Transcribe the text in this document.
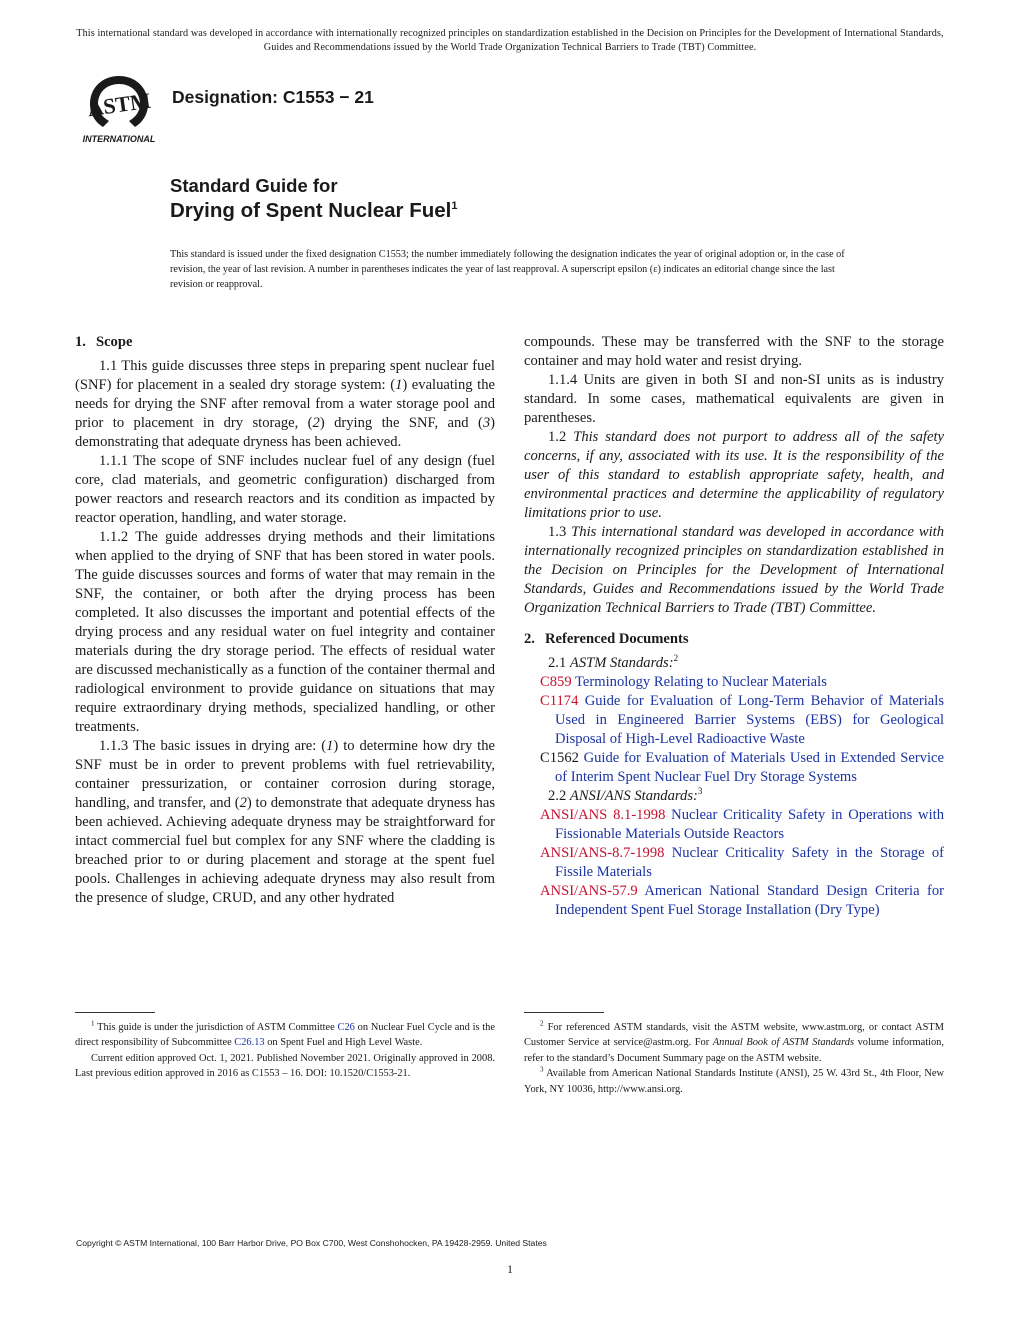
This international standard was developed in accordance with internationally recognized principles on standardization established in the Decision on Principles for the Development of International Standards, Guides and Recommendations issued by the World Trade Organization Technical Barriers to Trade (TBT) Committee.
ASTM
INTERNATIONAL
Designation: C1553 − 21
Standard Guide for
Drying of Spent Nuclear Fuel$^1$
This standard is issued under the fixed designation C1553; the number immediately following the designation indicates the year of original adoption or, in the case of revision, the year of last revision. A number in parentheses indicates the year of last reapproval. A superscript epsilon (ε) indicates an editorial change since the last revision or reapproval.
1. Scope

1.1 This guide discusses three steps in preparing spent nuclear fuel (SNF) for placement in a sealed dry storage system: (1) evaluating the needs for drying the SNF after removal from a water storage pool and prior to placement in dry storage, (2) drying the SNF, and (3) demonstrating that adequate dryness has been achieved.

1.1.1 The scope of SNF includes nuclear fuel of any design (fuel core, clad materials, and geometric configuration) discharged from power reactors and research reactors and its condition as impacted by reactor operation, handling, and water storage.

1.1.2 The guide addresses drying methods and their limitations when applied to the drying of SNF that has been stored in water pools. The guide discusses sources and forms of water that may remain in the SNF, the container, or both after the drying process has been completed. It also discusses the important and potential effects of the drying process and any residual water on fuel integrity and container materials during the dry storage period. The effects of residual water are discussed mechanistically as a function of the container thermal and radiological environment to provide guidance on situations that may require extraordinary drying methods, specialized handling, or other treatments.

1.1.3 The basic issues in drying are: (1) to determine how dry the SNF must be in order to prevent problems with fuel retrievability, container pressurization, or container corrosion during storage, handling, and transfer, and (2) to demonstrate that adequate dryness has been achieved. Achieving adequate dryness may be straightforward for intact commercial fuel but complex for any SNF where the cladding is breached prior to or during placement and storage at the spent fuel pools. Challenges in achieving adequate dryness may also result from the presence of sludge, CRUD, and any other hydrated

compounds. These may be transferred with the SNF to the storage container and may hold water and resist drying.

1.1.4 Units are given in both SI and non-SI units as is industry standard. In some cases, mathematical equivalents are given in parentheses.

1.2 This standard does not purport to address all of the safety concerns, if any, associated with its use. It is the responsibility of the user of this standard to establish appropriate safety, health, and environmental practices and determine the applicability of regulatory limitations prior to use.

1.3 This international standard was developed in accordance with internationally recognized principles on standardization established in the Decision on Principles for the Development of International Standards, Guides and Recommendations issued by the World Trade Organization Technical Barriers to Trade (TBT) Committee.

2. Referenced Documents

2.1 ASTM Standards:$^2$

C859 Terminology Relating to Nuclear Materials

C1174 Guide for Evaluation of Long-Term Behavior of Materials Used in Engineered Barrier Systems (EBS) for Geological Disposal of High-Level Radioactive Waste

C1562 Guide for Evaluation of Materials Used in Extended Service of Interim Spent Nuclear Fuel Dry Storage Systems

2.2 ANSI/ANS Standards:$^3$

ANSI/ANS 8.1-1998 Nuclear Criticality Safety in Operations with Fissionable Materials Outside Reactors

ANSI/ANS-8.7-1998 Nuclear Criticality Safety in the Storage of Fissile Materials

ANSI/ANS-57.9 American National Standard Design Criteria for Independent Spent Fuel Storage Installation (Dry Type)

$^1$ This guide is under the jurisdiction of ASTM Committee C26 on Nuclear Fuel Cycle and is the direct responsibility of Subcommittee C26.13 on Spent Fuel and High Level Waste.

Current edition approved Oct. 1, 2021. Published November 2021. Originally approved in 2008. Last previous edition approved in 2016 as C1553 – 16. DOI: 10.1520/C1553-21.

$^2$ For referenced ASTM standards, visit the ASTM website, www.astm.org, or contact ASTM Customer Service at service@astm.org. For Annual Book of ASTM Standards volume information, refer to the standard’s Document Summary page on the ASTM website.

$^3$ Available from American National Standards Institute (ANSI), 25 W. 43rd St., 4th Floor, New York, NY 10036, http://www.ansi.org.

Copyright © ASTM International, 100 Barr Harbor Drive, PO Box C700, West Conshohocken, PA 19428-2959. United States
1
